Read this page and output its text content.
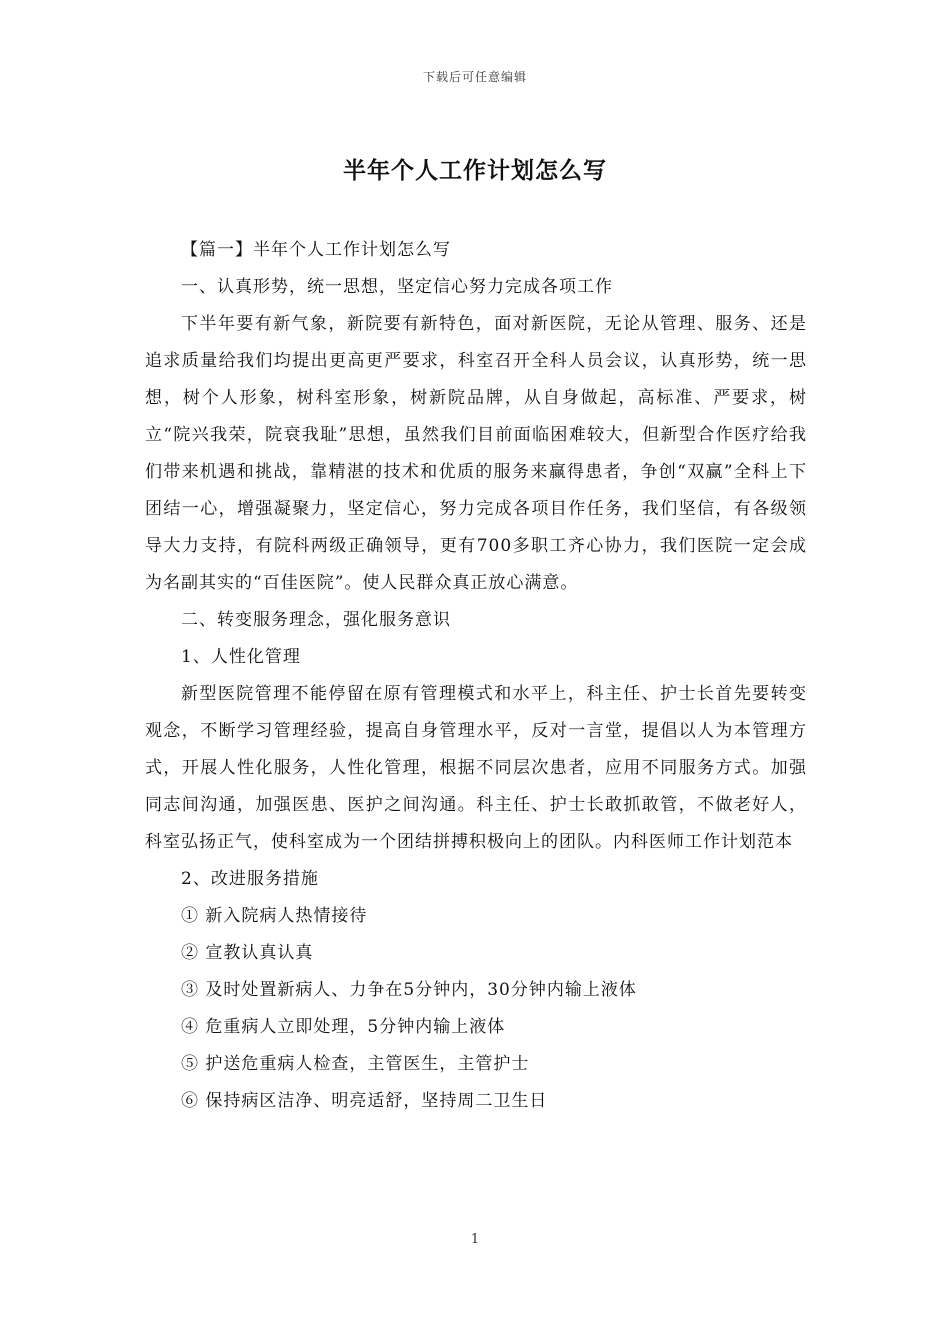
下载后可任意编辑
半年个人工作计划怎么写

【篇一】半年个人工作计划怎么写

一、认真形势，统一思想，坚定信心努力完成各项工作

下半年要有新气象，新院要有新特色，面对新医院，无论从管理、服务、还是追求质量给我们均提出更高更严要求，科室召开全科人员会议，认真形势，统一思想，树个人形象，树科室形象，树新院品牌，从自身做起，高标准、严要求，树立“院兴我荣，院衰我耻”思想，虽然我们目前面临困难较大，但新型合作医疗给我们带来机遇和挑战，靠精湛的技术和优质的服务来赢得患者，争创“双赢”全科上下团结一心，增强凝聚力，坚定信心，努力完成各项目作任务，我们坚信，有各级领导大力支持，有院科两级正确领导，更有700多职工齐心协力，我们医院一定会成为名副其实的“百佳医院”。使人民群众真正放心满意。

二、转变服务理念，强化服务意识

1、人性化管理

新型医院管理不能停留在原有管理模式和水平上，科主任、护士长首先要转变观念，不断学习管理经验，提高自身管理水平，反对一言堂，提倡以人为本管理方式，开展人性化服务，人性化管理，根据不同层次患者，应用不同服务方式。加强同志间沟通，加强医患、医护之间沟通。科主任、护士长敢抓敢管，不做老好人，科室弘扬正气，使科室成为一个团结拼搏积极向上的团队。内科医师工作计划范本

2、改进服务措施

① 新入院病人热情接待

② 宣教认真认真

③ 及时处置新病人、力争在5分钟内，30分钟内输上液体

④ 危重病人立即处理，5分钟内输上液体

⑤ 护送危重病人检查，主管医生，主管护士

⑥ 保持病区洁净、明亮适舒，坚持周二卫生日

1
